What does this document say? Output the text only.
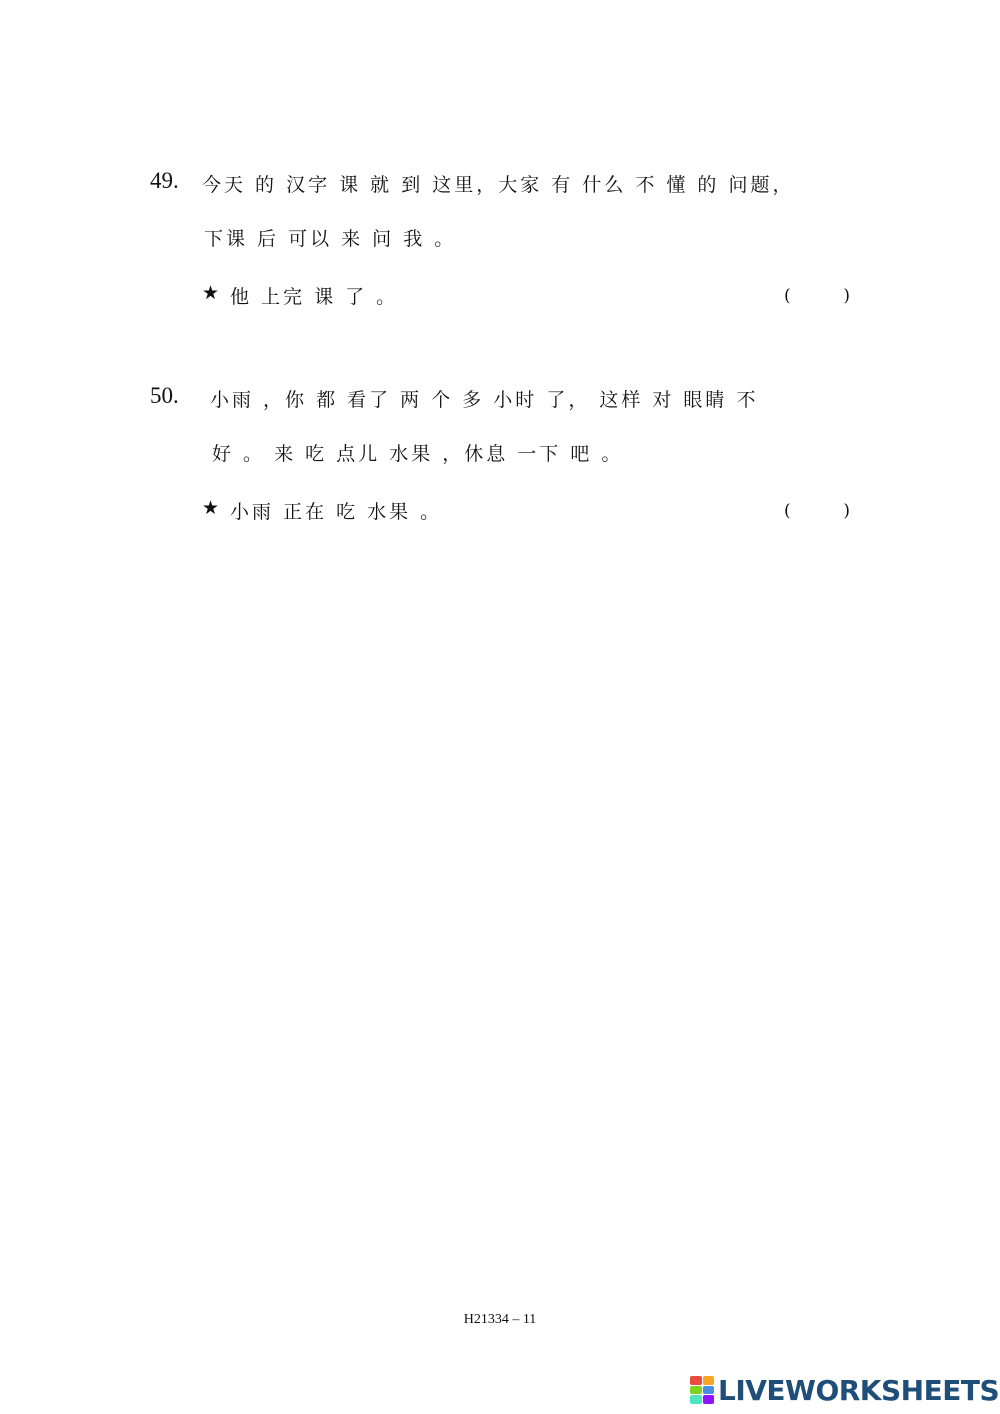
49. 今天 的 汉字 课 就 到 这里，大家 有 什么 不 懂 的 问题，
下课 后 可以 来 问 我 。
★ 他 上完 课 了 。	(	)
50. 小雨 ，你 都 看了 两 个 多 小时 了， 这样 对 眼睛 不
好 。 来 吃 点儿 水果 ，休息 一下 吧 。
★ 小雨 正在 吃 水果 。	(	)
H21334 – 11
LIVEWORKSHEETS
